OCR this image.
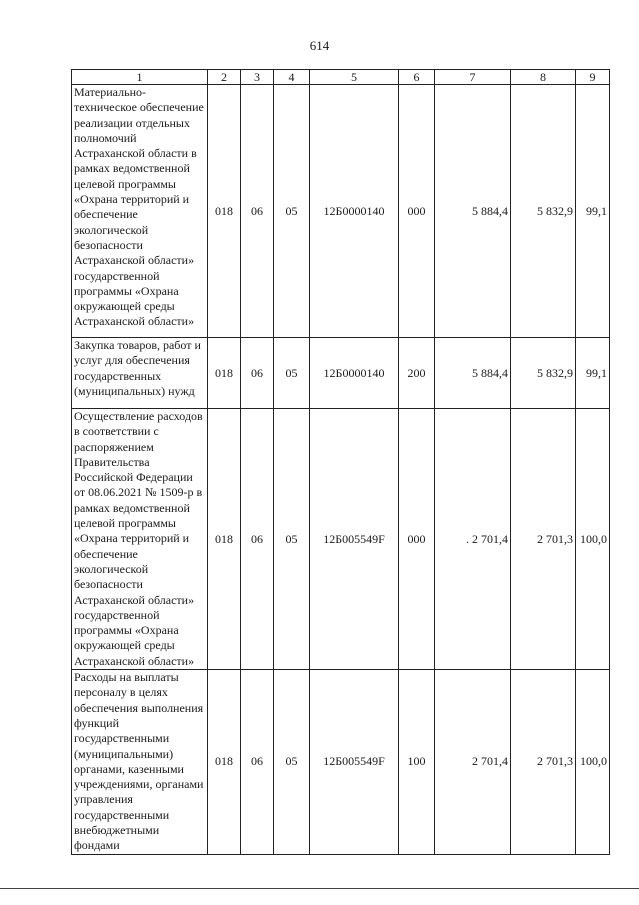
614
1	2	3	4	5	6	7	8	9
Материально-техническое обеспечение реализации отдельных полномочий Астраханской области в рамках ведомственной целевой программы «Охрана территорий и обеспечение экологической безопасности Астраханской области» государственной программы «Охрана окружающей среды Астраханской области»	018	06	05	12Б0000140	000	5 884,4	5 832,9	99,1
Закупка товаров, работ и услуг для обеспечения государственных (муниципальных) нужд	018	06	05	12Б0000140	200	5 884,4	5 832,9	99,1
Осуществление расходов в соответствии с распоряжением Правительства Российской Федерации от 08.06.2021 № 1509-р в рамках ведомственной целевой программы «Охрана территорий и обеспечение экологической безопасности Астраханской области» государственной программы «Охрана окружающей среды Астраханской области»	018	06	05	12Б005549F	000	. 2 701,4	2 701,3	100,0
Расходы на выплаты персоналу в целях обеспечения выполнения функций государственными (муниципальными) органами, казенными учреждениями, органами управления государственными внебюджетными фондами	018	06	05	12Б005549F	100	2 701,4	2 701,3	100,0
